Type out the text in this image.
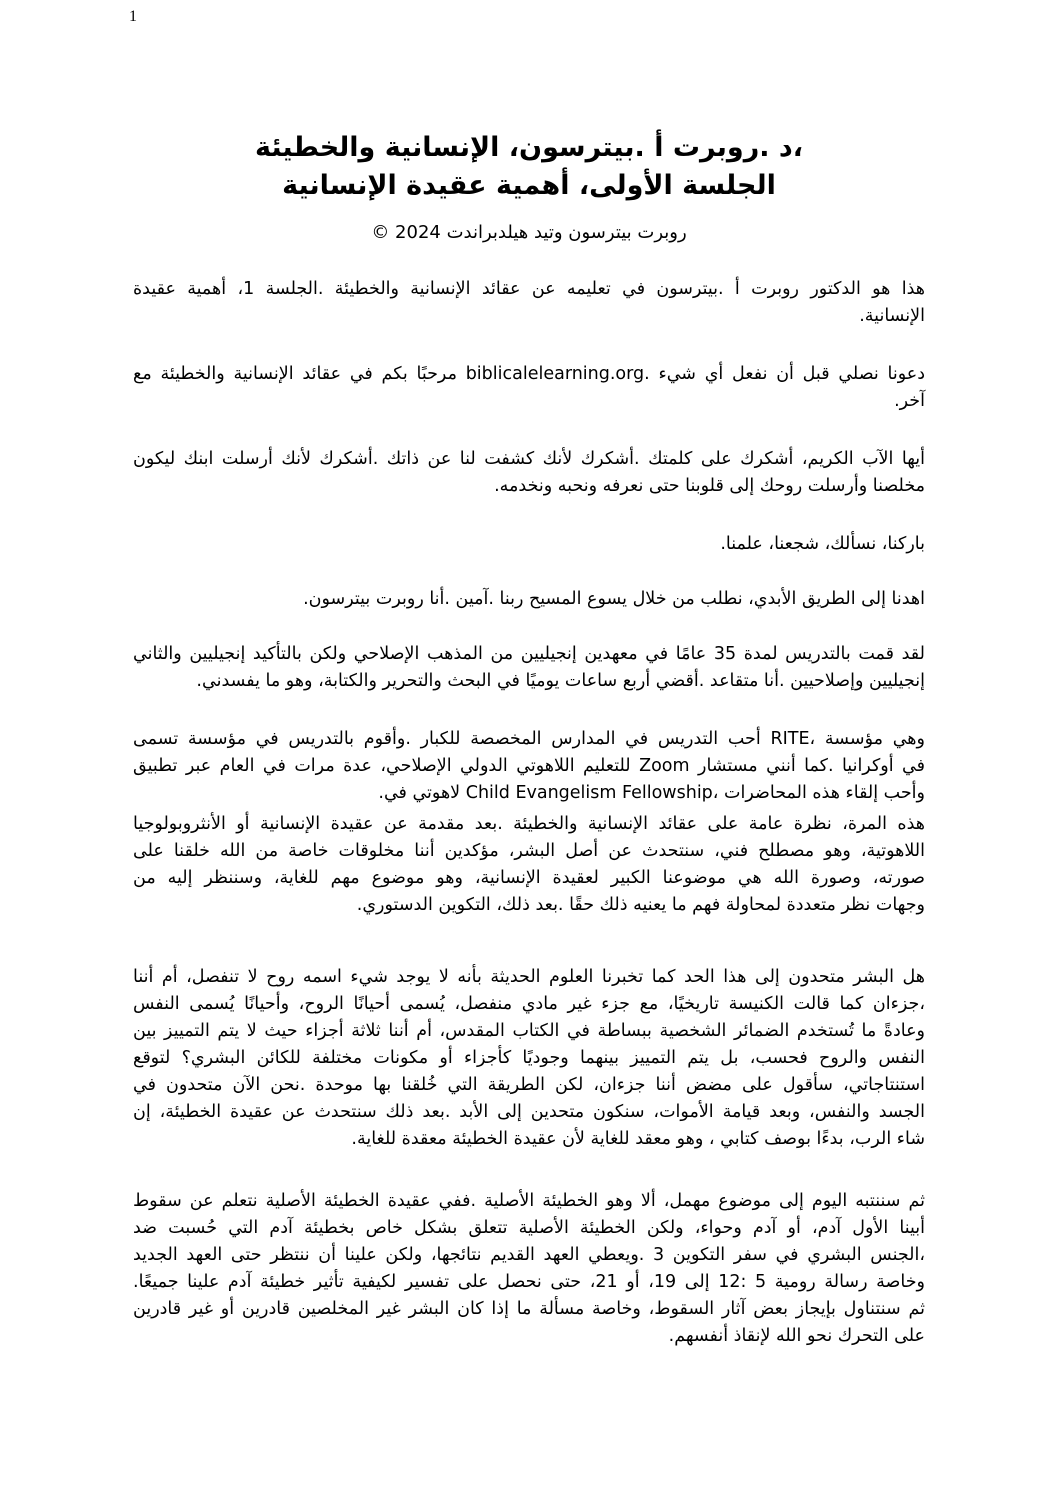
1
،د .روبرت أ .بيترسون، الإنسانية والخطيئة
الجلسة الأولى، أهمية عقيدة الإنسانية
روبرت بيترسون وتيد هيلدبراندت 2024 ©
هذا هو الدكتور روبرت أ .بيترسون في تعليمه عن عقائد الإنسانية والخطيئة .الجلسة 1، أهمية عقيدة
الإنسانية.
دعونا نصلي قبل أن نفعل أي شيء .biblicalelearning.org مرحبًا بكم في عقائد الإنسانية والخطيئة مع
آخر.
أيها الآب الكريم، أشكرك على كلمتك .أشكرك لأنك كشفت لنا عن ذاتك .أشكرك لأنك أرسلت ابنك ليكون
مخلصنا وأرسلت روحك إلى قلوبنا حتى نعرفه ونحبه ونخدمه.
باركنا، نسألك، شجعنا، علمنا.
اهدنا إلى الطريق الأبدي، نطلب من خلال يسوع المسيح ربنا .آمين .أنا روبرت بيترسون.
لقد قمت بالتدريس لمدة 35 عامًا في معهدين إنجيليين من المذهب الإصلاحي ولكن بالتأكيد إنجيليين والثاني
إنجيليين وإصلاحيين .أنا متقاعد .أقضي أربع ساعات يوميًا في البحث والتحرير والكتابة، وهو ما يفسدني.
وهي مؤسسة ،RITE أحب التدريس في المدارس المخصصة للكبار .وأقوم بالتدريس في مؤسسة تسمى
في أوكرانيا .كما أنني مستشار Zoom للتعليم اللاهوتي الدولي الإصلاحي، عدة مرات في العام عبر تطبيق
وأحب إلقاء هذه المحاضرات ،Child Evangelism Fellowship لاهوتي في.
هذه المرة، نظرة عامة على عقائد الإنسانية والخطيئة .بعد مقدمة عن عقيدة الإنسانية أو الأنثروبولوجيا
اللاهوتية، وهو مصطلح فني، سنتحدث عن أصل البشر، مؤكدين أننا مخلوقات خاصة من الله خلقنا على
صورته، وصورة الله هي موضوعنا الكبير لعقيدة الإنسانية، وهو موضوع مهم للغاية، وسننظر إليه من
وجهات نظر متعددة لمحاولة فهم ما يعنيه ذلك حقًا .بعد ذلك، التكوين الدستوري.
هل البشر متحدون إلى هذا الحد كما تخبرنا العلوم الحديثة بأنه لا يوجد شيء اسمه روح لا تنفصل، أم أننا
،جزءان كما قالت الكنيسة تاريخيًا، مع جزء غير مادي منفصل، يُسمى أحيانًا الروح، وأحيانًا يُسمى النفس
وعادةً ما تُستخدم الضمائر الشخصية ببساطة في الكتاب المقدس، أم أننا ثلاثة أجزاء حيث لا يتم التمييز بين
النفس والروح فحسب، بل يتم التمييز بينهما وجوديًا كأجزاء أو مكونات مختلفة للكائن البشري؟ لتوقع
استنتاجاتي، سأقول على مضض أننا جزءان، لكن الطريقة التي خُلقنا بها موحدة .نحن الآن متحدون في
الجسد والنفس، وبعد قيامة الأموات، سنكون متحدين إلى الأبد .بعد ذلك سنتحدث عن عقيدة الخطيئة، إن
شاء الرب، بدءًا بوصف كتابي ، وهو معقد للغاية لأن عقيدة الخطيئة معقدة للغاية.
ثم سننتبه اليوم إلى موضوع مهمل، ألا وهو الخطيئة الأصلية .ففي عقيدة الخطيئة الأصلية نتعلم عن سقوط
أبينا الأول آدم، أو آدم وحواء، ولكن الخطيئة الأصلية تتعلق بشكل خاص بخطيئة آدم التي حُسبت ضد
،الجنس البشري في سفر التكوين 3 .ويعطي العهد القديم نتائجها، ولكن علينا أن ننتظر حتى العهد الجديد
وخاصة رسالة رومية 5 :12 إلى 19، أو 21، حتى نحصل على تفسير لكيفية تأثير خطيئة آدم علينا جميعًا.
ثم سنتناول بإيجاز بعض آثار السقوط، وخاصة مسألة ما إذا كان البشر غير المخلصين قادرين أو غير قادرين
على التحرك نحو الله لإنقاذ أنفسهم.
